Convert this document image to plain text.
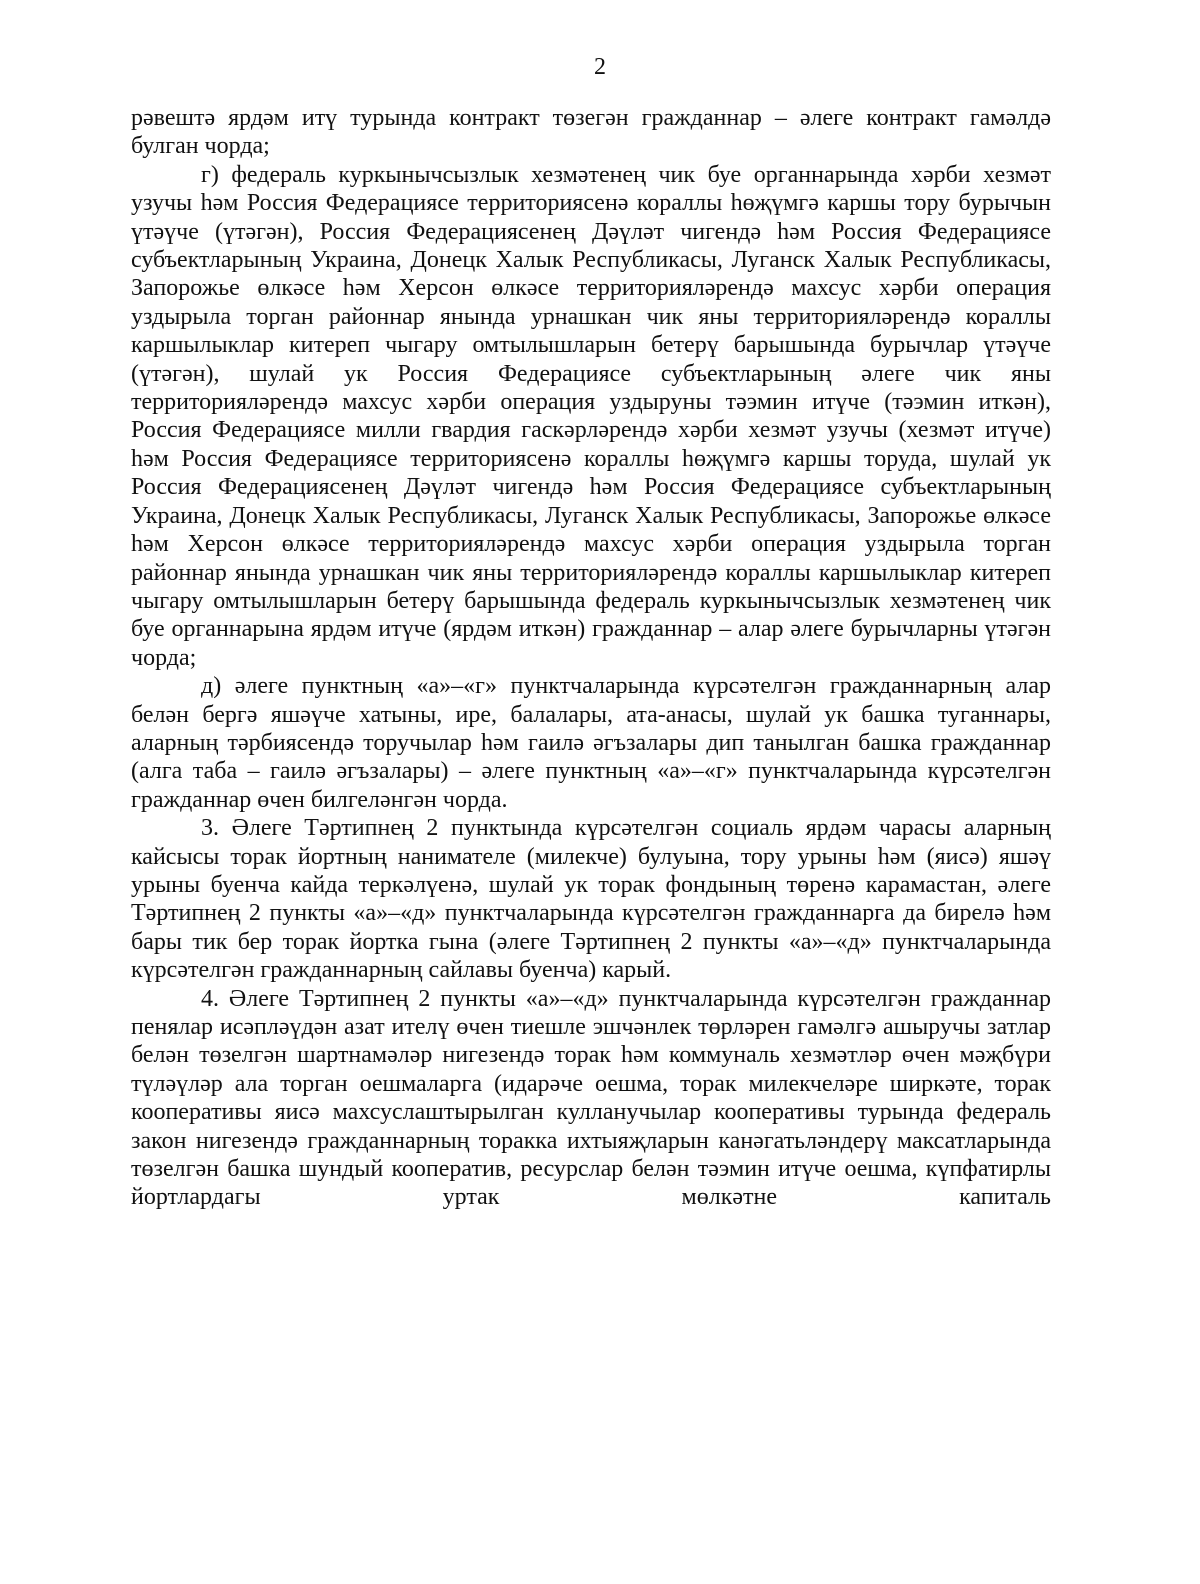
2

рәвештә ярдәм итү турында контракт төзегән гражданнар – әлеге контракт гамәлдә булган чорда;

г) федераль куркынычсызлык хезмәтенең чик буе органнарында хәрби хезмәт узучы һәм Россия Федерациясе территориясенә кораллы һөҗүмгә каршы тору бурычын үтәүче (үтәгән), Россия Федерациясенең Дәүләт чигендә һәм Россия Федерациясе субъектларының Украина, Донецк Халык Республикасы, Луганск Халык Республикасы, Запорожье өлкәсе һәм Херсон өлкәсе территорияләрендә махсус хәрби операция уздырыла торган районнар янында урнашкан чик яны территорияләрендә кораллы каршылыклар китереп чыгару омтылышларын бетерү барышында бурычлар үтәүче (үтәгән), шулай ук Россия Федерациясе субъектларының әлеге чик яны территорияләрендә махсус хәрби операция уздыруны тәэмин итүче (тәэмин иткән), Россия Федерациясе милли гвардия гаскәрләрендә хәрби хезмәт узучы (хезмәт итүче) һәм Россия Федерациясе территориясенә кораллы һөҗүмгә каршы торуда, шулай ук Россия Федерациясенең Дәүләт чигендә һәм Россия Федерациясе субъектларының Украина, Донецк Халык Республикасы, Луганск Халык Республикасы, Запорожье өлкәсе һәм Херсон өлкәсе территорияләрендә махсус хәрби операция уздырыла торган районнар янында урнашкан чик яны территорияләрендә кораллы каршылыклар китереп чыгару омтылышларын бетерү барышында федераль куркынычсызлык хезмәтенең чик буе органнарына ярдәм итүче (ярдәм иткән) гражданнар – алар әлеге бурычларны үтәгән чорда;

д) әлеге пунктның «а»–«г» пунктчаларында күрсәтелгән гражданнарның алар белән бергә яшәүче хатыны, ире, балалары, ата-анасы, шулай ук башка туганнары, аларның тәрбиясендә торучылар һәм гаилә әгъзалары дип танылган башка гражданнар (алга таба – гаилә әгъзалары) – әлеге пунктның «а»–«г» пунктчаларында күрсәтелгән гражданнар өчен билгеләнгән чорда.

3. Әлеге Тәртипнең 2 пунктында күрсәтелгән социаль ярдәм чарасы аларның кайсысы торак йортның нанимателе (милекче) булуына, тору урыны һәм (яисә) яшәү урыны буенча кайда теркәлүенә, шулай ук торак фондының төренә карамастан, әлеге Тәртипнең 2 пункты «а»–«д» пунктчаларында күрсәтелгән гражданнарга да бирелә һәм бары тик бер торак йортка гына (әлеге Тәртипнең 2 пункты «а»–«д» пунктчаларында күрсәтелгән гражданнарның сайлавы буенча) карый.

4. Әлеге Тәртипнең 2 пункты «а»–«д» пунктчаларында күрсәтелгән гражданнар пенялар исәпләүдән азат ителү өчен тиешле эшчәнлек төрләрен гамәлгә ашыручы затлар белән төзелгән шартнамәләр нигезендә торак һәм коммуналь хезмәтләр өчен мәҗбүри түләүләр ала торган оешмаларга (идарәче оешма, торак милекчеләре ширкәте, торак кооперативы яисә махсуслаштырылган кулланучылар кооперативы турында федераль закон нигезендә гражданнарның торакка ихтыяҗларын канәгатьләндерү максатларында төзелгән башка шундый кооператив, ресурслар белән тәэмин итүче оешма, күпфатирлы йортлардагы уртак мөлкәтне капиталь
